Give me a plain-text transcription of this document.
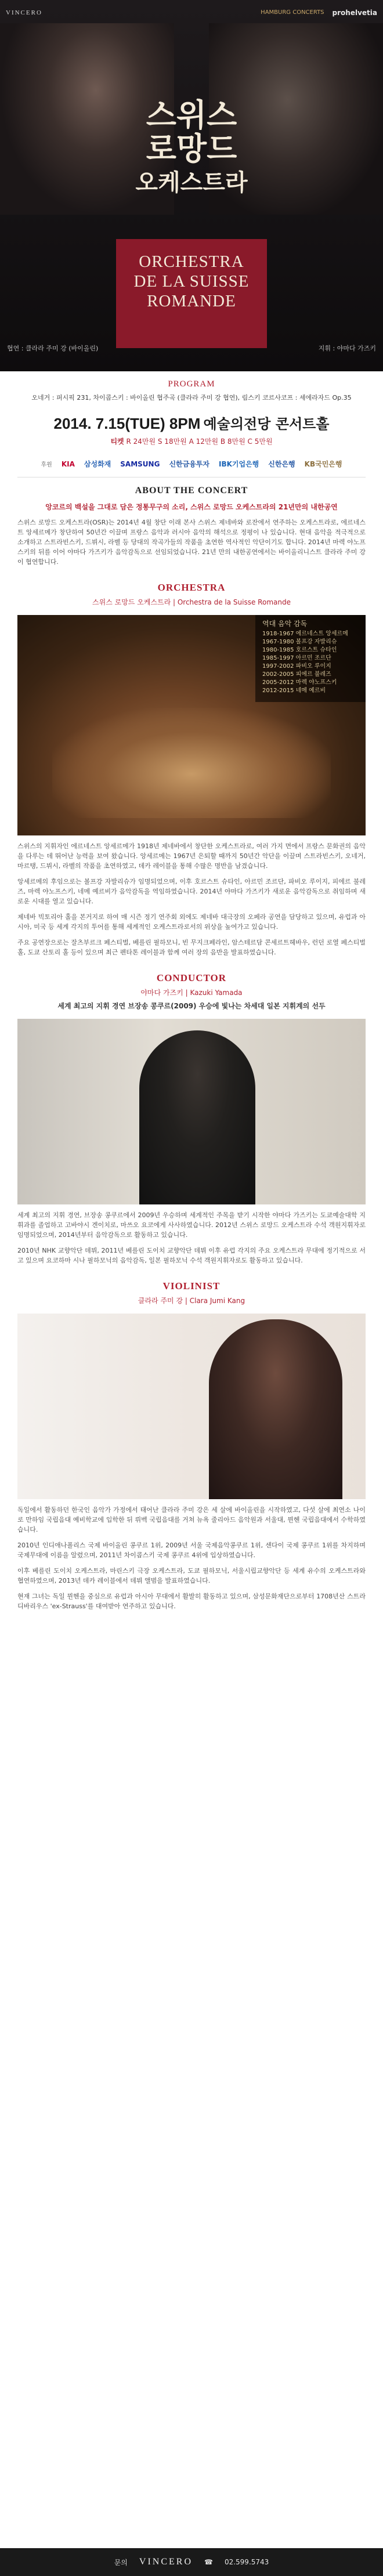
VINCERO	HAMBURG CONCERTS prohelvetia
스위스
로망드
오케스트라
ORCHESTRA
DE LA SUISSE
ROMANDE
협연 : 클라라 주미 강 (바이올린)	지휘 : 야마다 가즈키
PROGRAM
오네거 : 퍼시픽 231, 차이콥스키 : 바이올린 협주곡 (클라라 주미 강 협연), 림스키 코르사코프 : 셰에라자드 Op.35
2014. 7.15(TUE) 8PM 예술의전당 콘서트홀
티켓 R 24만원 S 18만원 A 12만원 B 8만원 C 5만원
후원 KIA 삼성화재 SAMSUNG 신한금융투자 IBK기업은행 신한은행 KB국민은행
ABOUT THE CONCERT
앙코르의 백설을 그대로 담은 정통무구의 소리, 스위스 로망드 오케스트라의 21년만의 내한공연
스위스 로망드 오케스트라(OSR)는 2014년 4월 창단 이래 본사 스위스 제네바와 로잔에서 연주하는 오케스트라로, 에르네스트 앙세르메가 창단하여 50년간 이끌며 프랑스 음악과 러시아 음악의 해석으로 정평이 나 있습니다. 현대 음악을 적극적으로 소개하고 스트라빈스키, 드뷔시, 라벨 등 당대의 작곡가들의 작품을 초연한 역사적인 악단이기도 합니다. 2014년 마렉 야노프스키의 뒤를 이어 야마다 가즈키가 음악감독으로 선임되었습니다. 21년 만의 내한공연에서는 바이올리니스트 클라라 주미 강이 협연합니다.
ORCHESTRA
스위스 로망드 오케스트라 | Orchestra de la Suisse Romande
역대 음악 감독
1918-1967 에르네스트 앙세르메
1967-1980 볼프강 자발리슈
1980-1985 호르스트 슈타인
1985-1997 아르민 조르단
1997-2002 파비오 루이지
2002-2005 피에르 불레즈
2005-2012 마렉 야노프스키
2012-2015 네메 예르비
스위스의 지휘자인 에르네스트 앙세르메가 1918년 제네바에서 창단한 오케스트라로, 여러 가지 면에서 프랑스 문화권의 음악을 다루는 데 뛰어난 능력을 보여 왔습니다. 앙세르메는 1967년 은퇴할 때까지 50년간 악단을 이끌며 스트라빈스키, 오네거, 마르탱, 드뷔시, 라벨의 작품을 초연하였고, 데카 레이블을 통해 수많은 명반을 남겼습니다.
앙세르메의 후임으로는 볼프강 자발리슈가 임명되었으며, 이후 호르스트 슈타인, 아르민 조르단, 파비오 루이지, 피에르 불레즈, 마렉 야노프스키, 네메 예르비가 음악감독을 역임하였습니다. 2014년 야마다 가즈키가 새로운 음악감독으로 취임하며 새로운 시대를 열고 있습니다.
제네바 빅토리아 홀을 본거지로 하여 매 시즌 정기 연주회 외에도 제네바 대극장의 오페라 공연을 담당하고 있으며, 유럽과 아시아, 미국 등 세계 각지의 투어를 통해 세계적인 오케스트라로서의 위상을 높여가고 있습니다.
주요 공연장으로는 잘츠부르크 페스티벌, 베를린 필하모니, 빈 무지크페라인, 암스테르담 콘세르트헤바우, 런던 로열 페스티벌 홀, 도쿄 산토리 홀 등이 있으며 최근 펜타톤 레이블과 함께 여러 장의 음반을 발표하였습니다.
CONDUCTOR
야마다 가즈키 | Kazuki Yamada
세계 최고의 지휘 경연 브장송 콩쿠르(2009) 우승에 빛나는 차세대 일본 지휘계의 선두
세계 최고의 지휘 경연, 브장송 콩쿠르에서 2009년 우승하며 세계적인 주목을 받기 시작한 야마다 가즈키는 도쿄예술대학 지휘과를 졸업하고 고바야시 겐이치로, 마쓰오 요코에게 사사하였습니다. 2012년 스위스 로망드 오케스트라 수석 객원지휘자로 임명되었으며, 2014년부터 음악감독으로 활동하고 있습니다.
2010년 NHK 교향악단 데뷔, 2011년 베를린 도이치 교향악단 데뷔 이후 유럽 각지의 주요 오케스트라 무대에 정기적으로 서고 있으며 요코하마 시나 필하모닉의 음악감독, 일본 필하모닉 수석 객원지휘자로도 활동하고 있습니다.
VIOLINIST
클라라 주미 강 | Clara Jumi Kang
독일에서 활동하던 한국인 음악가 가정에서 태어난 클라라 주미 강은 세 살에 바이올린을 시작하였고, 다섯 살에 최연소 나이로 만하임 국립음대 예비학교에 입학한 뒤 뤼벡 국립음대를 거쳐 뉴욕 줄리아드 음악원과 서울대, 뮌헨 국립음대에서 수학하였습니다.
2010년 인디애나폴리스 국제 바이올린 콩쿠르 1위, 2009년 서울 국제음악콩쿠르 1위, 센다이 국제 콩쿠르 1위를 차지하며 국제무대에 이름을 알렸으며, 2011년 차이콥스키 국제 콩쿠르 4위에 입상하였습니다.
이후 베를린 도이치 오케스트라, 마린스키 극장 오케스트라, 도쿄 필하모닉, 서울시립교향악단 등 세계 유수의 오케스트라와 협연하였으며, 2013년 데카 레이블에서 데뷔 앨범을 발표하였습니다.
현재 그녀는 독일 뮌헨을 중심으로 유럽과 아시아 무대에서 활발히 활동하고 있으며, 삼성문화재단으로부터 1708년산 스트라디바리우스 'ex-Strauss'를 대여받아 연주하고 있습니다.
문의 VINCERO ☎ 02.599.5743
